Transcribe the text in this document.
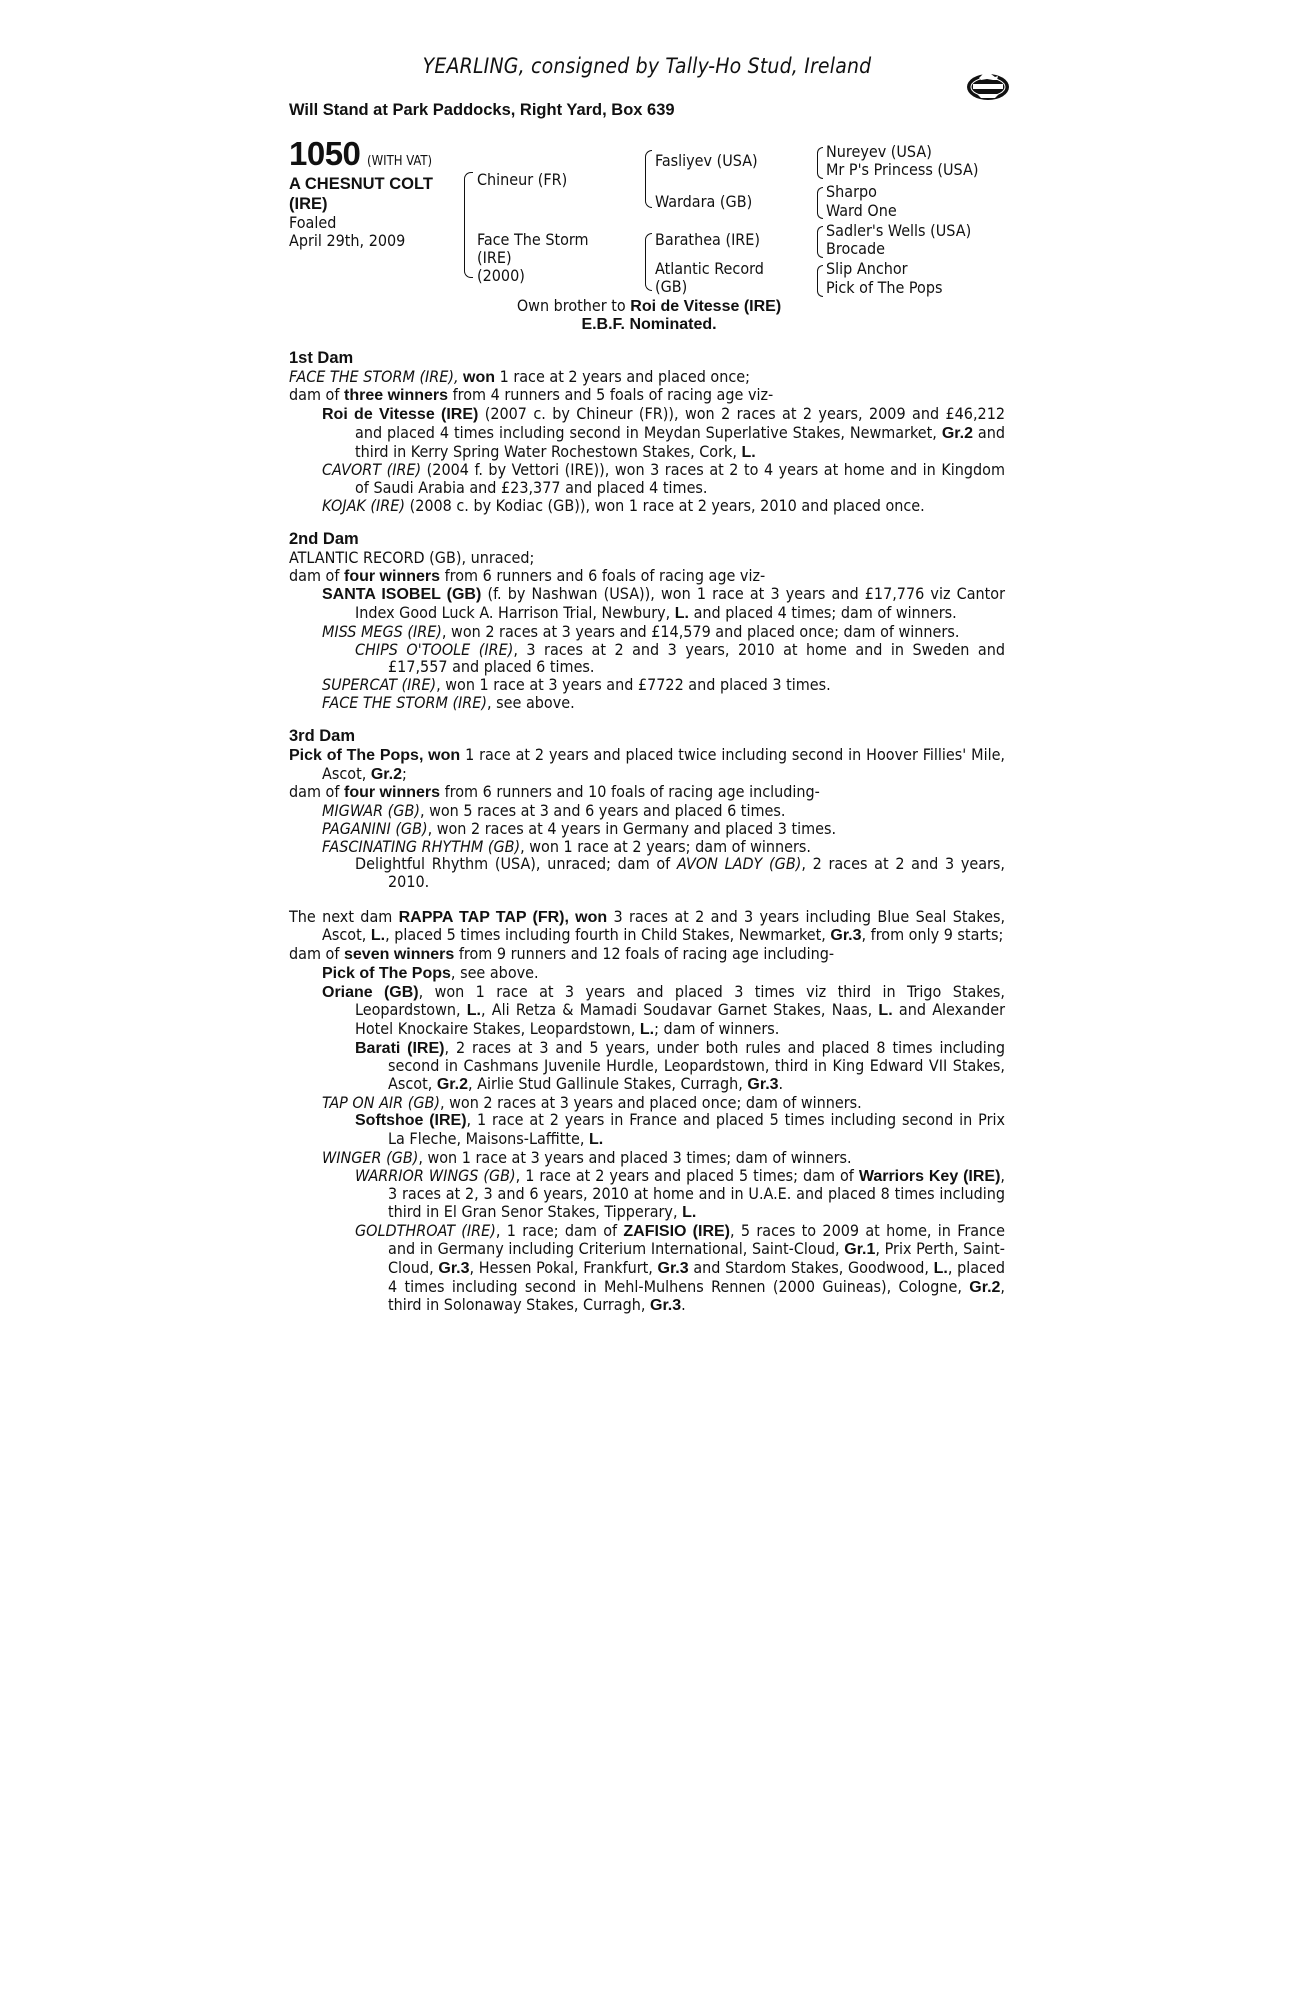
YEARLING, consigned by Tally-Ho Stud, Ireland
Will Stand at Park Paddocks, Right Yard, Box 639
1050 (WITH VAT)
A CHESNUT COLT
(IRE)
Foaled
April 29th, 2009
Chineur (FR)
Face The Storm
(IRE)
(2000)
Fasliyev (USA)
Wardara (GB)
Barathea (IRE)
Atlantic Record
(GB)
Nureyev (USA)
Mr P's Princess (USA)
Sharpo
Ward One
Sadler's Wells (USA)
Brocade
Slip Anchor
Pick of The Pops
Own brother to Roi de Vitesse (IRE)
E.B.F. Nominated.
1st Dam

FACE THE STORM (IRE), won 1 race at 2 years and placed once;

dam of three winners from 4 runners and 5 foals of racing age viz-

Roi de Vitesse (IRE) (2007 c. by Chineur (FR)), won 2 races at 2 years, 2009 and £46,212 and placed 4 times including second in Meydan Superlative Stakes, Newmarket, Gr.2 and third in Kerry Spring Water Rochestown Stakes, Cork, L.

CAVORT (IRE) (2004 f. by Vettori (IRE)), won 3 races at 2 to 4 years at home and in Kingdom of Saudi Arabia and £23,377 and placed 4 times.

KOJAK (IRE) (2008 c. by Kodiac (GB)), won 1 race at 2 years, 2010 and placed once.

2nd Dam

ATLANTIC RECORD (GB), unraced;

dam of four winners from 6 runners and 6 foals of racing age viz-

SANTA ISOBEL (GB) (f. by Nashwan (USA)), won 1 race at 3 years and £17,776 viz Cantor Index Good Luck A. Harrison Trial, Newbury, L. and placed 4 times; dam of winners.

MISS MEGS (IRE), won 2 races at 3 years and £14,579 and placed once; dam of winners.

CHIPS O'TOOLE (IRE), 3 races at 2 and 3 years, 2010 at home and in Sweden and £17,557 and placed 6 times.

SUPERCAT (IRE), won 1 race at 3 years and £7722 and placed 3 times.

FACE THE STORM (IRE), see above.

3rd Dam

Pick of The Pops, won 1 race at 2 years and placed twice including second in Hoover Fillies' Mile, Ascot, Gr.2;

dam of four winners from 6 runners and 10 foals of racing age including-

MIGWAR (GB), won 5 races at 3 and 6 years and placed 6 times.

PAGANINI (GB), won 2 races at 4 years in Germany and placed 3 times.

FASCINATING RHYTHM (GB), won 1 race at 2 years; dam of winners.

Delightful Rhythm (USA), unraced; dam of AVON LADY (GB), 2 races at 2 and 3 years, 2010.

The next dam RAPPA TAP TAP (FR), won 3 races at 2 and 3 years including Blue Seal Stakes, Ascot, L., placed 5 times including fourth in Child Stakes, Newmarket, Gr.3, from only 9 starts;

dam of seven winners from 9 runners and 12 foals of racing age including-

Pick of The Pops, see above.

Oriane (GB), won 1 race at 3 years and placed 3 times viz third in Trigo Stakes, Leopardstown, L., Ali Retza & Mamadi Soudavar Garnet Stakes, Naas, L. and Alexander Hotel Knockaire Stakes, Leopardstown, L.; dam of winners.

Barati (IRE), 2 races at 3 and 5 years, under both rules and placed 8 times including second in Cashmans Juvenile Hurdle, Leopardstown, third in King Edward VII Stakes, Ascot, Gr.2, Airlie Stud Gallinule Stakes, Curragh, Gr.3.

TAP ON AIR (GB), won 2 races at 3 years and placed once; dam of winners.

Softshoe (IRE), 1 race at 2 years in France and placed 5 times including second in Prix La Fleche, Maisons-Laffitte, L.

WINGER (GB), won 1 race at 3 years and placed 3 times; dam of winners.

WARRIOR WINGS (GB), 1 race at 2 years and placed 5 times; dam of Warriors Key (IRE), 3 races at 2, 3 and 6 years, 2010 at home and in U.A.E. and placed 8 times including third in El Gran Senor Stakes, Tipperary, L.

GOLDTHROAT (IRE), 1 race; dam of ZAFISIO (IRE), 5 races to 2009 at home, in France and in Germany including Criterium International, Saint-Cloud, Gr.1, Prix Perth, Saint-Cloud, Gr.3, Hessen Pokal, Frankfurt, Gr.3 and Stardom Stakes, Goodwood, L., placed 4 times including second in Mehl-Mulhens Rennen (2000 Guineas), Cologne, Gr.2, third in Solonaway Stakes, Curragh, Gr.3.
